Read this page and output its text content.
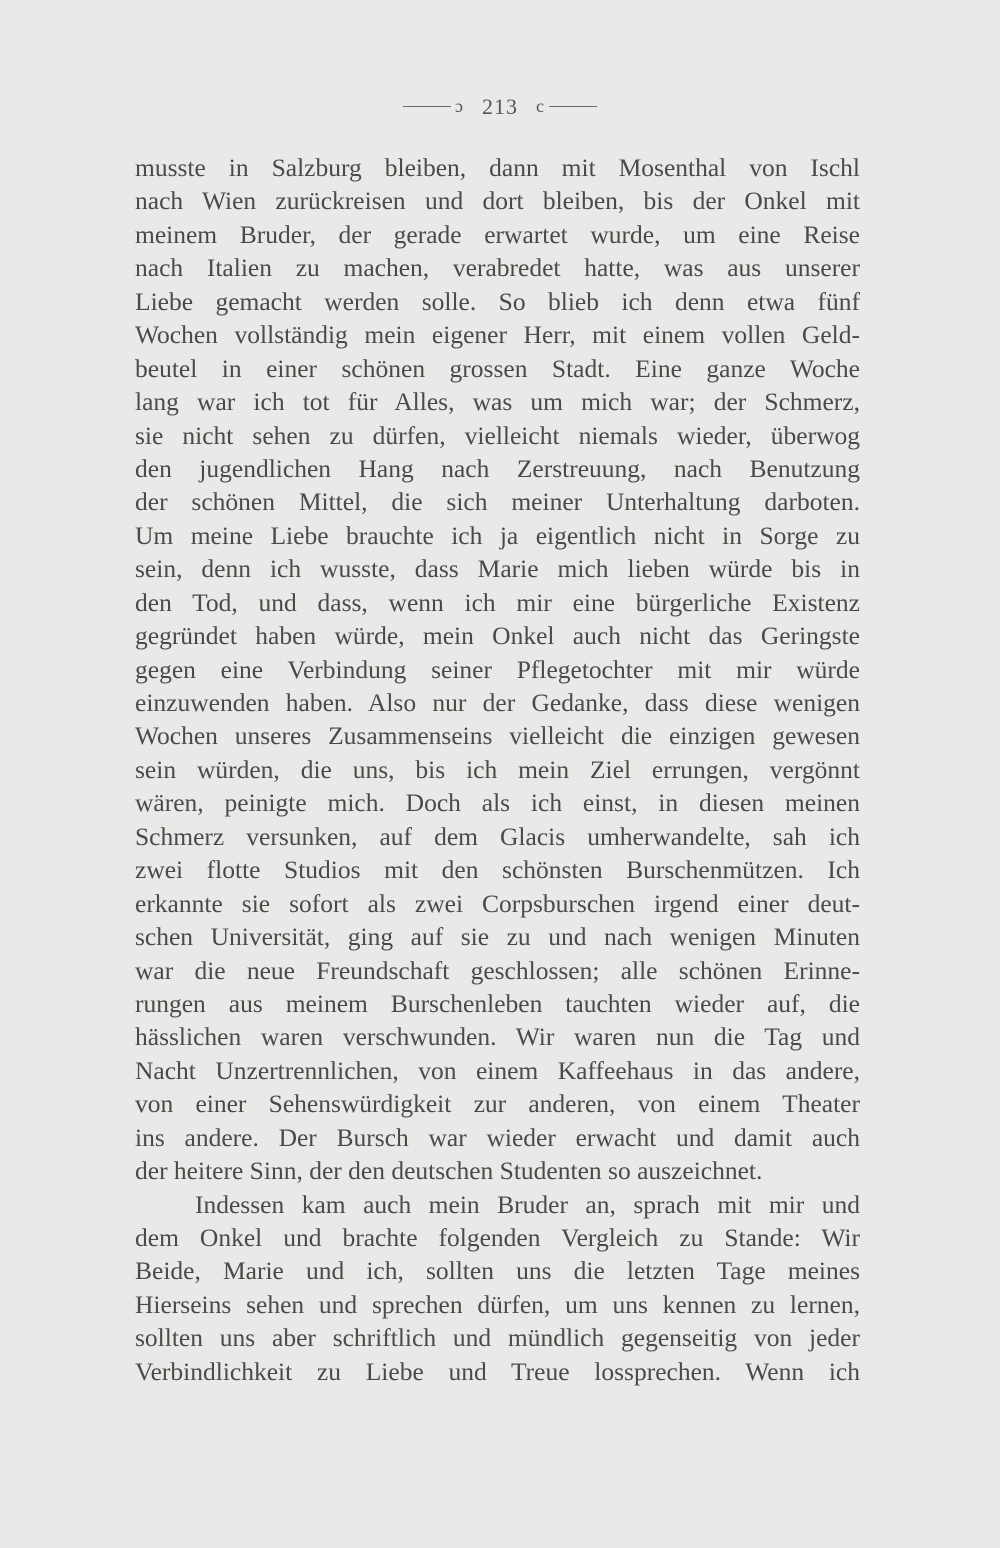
ɔ 213 c
musste in Salzburg bleiben, dann mit Mosenthal von Ischl
nach Wien zurückreisen und dort bleiben, bis der Onkel mit
meinem Bruder, der gerade erwartet wurde, um eine Reise
nach Italien zu machen, verabredet hatte, was aus unserer
Liebe gemacht werden solle. So blieb ich denn etwa fünf
Wochen vollständig mein eigener Herr, mit einem vollen Geld-
beutel in einer schönen grossen Stadt. Eine ganze Woche
lang war ich tot für Alles, was um mich war; der Schmerz,
sie nicht sehen zu dürfen, vielleicht niemals wieder, überwog
den jugendlichen Hang nach Zerstreuung, nach Benutzung
der schönen Mittel, die sich meiner Unterhaltung darboten.
Um meine Liebe brauchte ich ja eigentlich nicht in Sorge zu
sein, denn ich wusste, dass Marie mich lieben würde bis in
den Tod, und dass, wenn ich mir eine bürgerliche Existenz
gegründet haben würde, mein Onkel auch nicht das Geringste
gegen eine Verbindung seiner Pflegetochter mit mir würde
einzuwenden haben. Also nur der Gedanke, dass diese wenigen
Wochen unseres Zusammenseins vielleicht die einzigen gewesen
sein würden, die uns, bis ich mein Ziel errungen, vergönnt
wären, peinigte mich. Doch als ich einst, in diesen meinen
Schmerz versunken, auf dem Glacis umherwandelte, sah ich
zwei flotte Studios mit den schönsten Burschenmützen. Ich
erkannte sie sofort als zwei Corpsburschen irgend einer deut-
schen Universität, ging auf sie zu und nach wenigen Minuten
war die neue Freundschaft geschlossen; alle schönen Erinne-
rungen aus meinem Burschenleben tauchten wieder auf, die
hässlichen waren verschwunden. Wir waren nun die Tag und
Nacht Unzertrennlichen, von einem Kaffeehaus in das andere,
von einer Sehenswürdigkeit zur anderen, von einem Theater
ins andere. Der Bursch war wieder erwacht und damit auch
der heitere Sinn, der den deutschen Studenten so auszeichnet.
Indessen kam auch mein Bruder an, sprach mit mir und
dem Onkel und brachte folgenden Vergleich zu Stande: Wir
Beide, Marie und ich, sollten uns die letzten Tage meines
Hierseins sehen und sprechen dürfen, um uns kennen zu lernen,
sollten uns aber schriftlich und mündlich gegenseitig von jeder
Verbindlichkeit zu Liebe und Treue lossprechen. Wenn ich
